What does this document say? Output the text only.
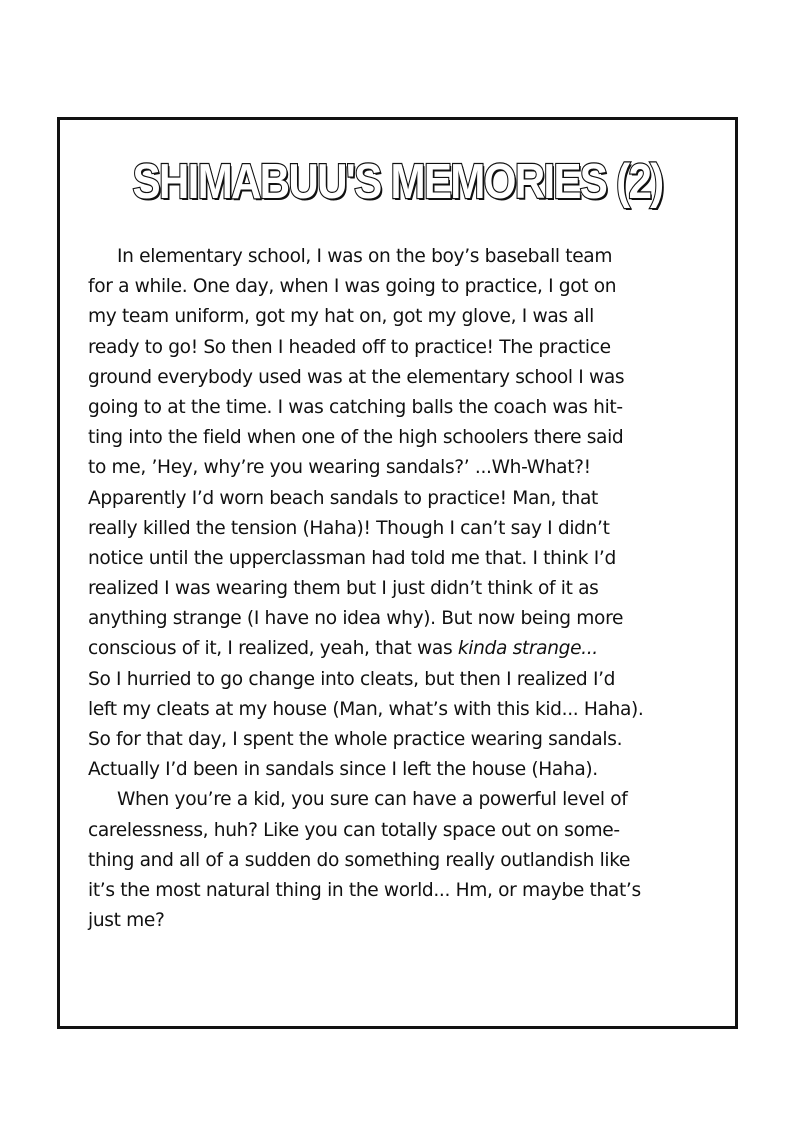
SHIMABUU'S MEMORIES (2)
In elementary school, I was on the boy’s baseball team
for a while. One day, when I was going to practice, I got on
my team uniform, got my hat on, got my glove, I was all
ready to go! So then I headed off to practice! The practice
ground everybody used was at the elementary school I was
going to at the time. I was catching balls the coach was hit-
ting into the field when one of the high schoolers there said
to me, ’Hey, why’re you wearing sandals?’ ...Wh-What?!
Apparently I’d worn beach sandals to practice! Man, that
really killed the tension (Haha)! Though I can’t say I didn’t
notice until the upperclassman had told me that. I think I’d
realized I was wearing them but I just didn’t think of it as
anything strange (I have no idea why). But now being more
conscious of it, I realized, yeah, that was kinda strange...
So I hurried to go change into cleats, but then I realized I’d
left my cleats at my house (Man, what’s with this kid... Haha).
So for that day, I spent the whole practice wearing sandals.
Actually I’d been in sandals since I left the house (Haha).
When you’re a kid, you sure can have a powerful level of
carelessness, huh? Like you can totally space out on some-
thing and all of a sudden do something really outlandish like
it’s the most natural thing in the world... Hm, or maybe that’s
just me?
